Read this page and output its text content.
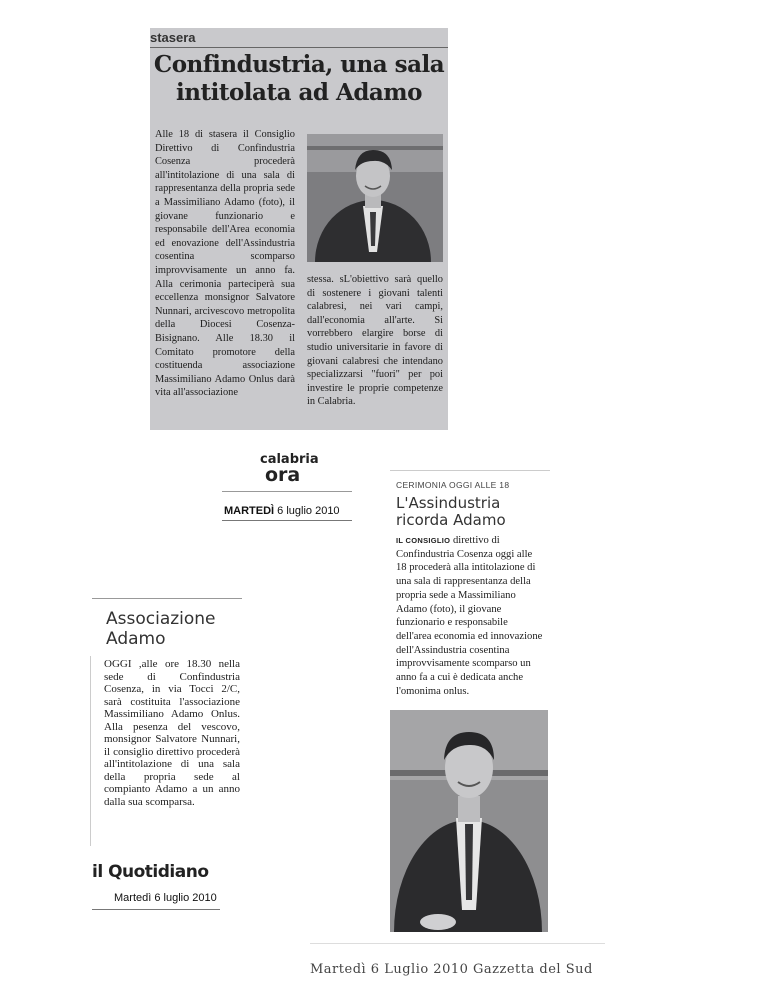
stasera
Confindustria, una sala
intitolata ad Adamo
Alle 18 di stasera il Consiglio Direttivo di Confindustria Cosenza procederà all'intitolazione di una sala di rappresentanza della propria sede a Massimiliano Adamo (foto), il giovane funzionario e responsabile dell'Area economia ed enovazione dell'Assindustria cosentina scomparso improvvisamente un anno fa. Alla cerimonia parteciperà sua eccellenza monsignor Salvatore Nunnari, arcivescovo metropolita della Diocesi Cosenza-Bisignano. Alle 18.30 il Comitato promotore della costituenda associazione Massimiliano Adamo Onlus darà vita all'associazione
stessa. sL'obiettivo sarà quello di sostenere i giovani talenti calabresi, nei vari campi, dall'economia all'arte. Si vorrebbero elargire borse di studio universitarie in favore di giovani calabresi che intendano specializzarsi "fuori" per poi investire le proprie competenze in Calabria.
calabria
ora
MARTEDÌ 6 luglio 2010
CERIMONIA OGGI ALLE 18
L'Assindustria
ricorda Adamo
IL CONSIGLIO direttivo di Confindustria Cosenza oggi alle 18 procederà alla intitolazione di una sala di rappresentanza della propria sede a Massimiliano Adamo (foto), il giovane funzionario e responsabile dell'area economia ed innovazione dell'Assindustria cosentina improvvisamente scomparso un anno fa a cui è dedicata anche l'omonima onlus.
Associazione
Adamo
OGGI ,alle ore 18.30 nella sede di Confindustria Cosenza, in via Tocci 2/C, sarà costituita l'associazione Massimiliano Adamo Onlus. Alla pesenza del vescovo, monsignor Salvatore Nunnari, il consiglio direttivo procederà all'intitolazione di una sala della propria sede al compianto Adamo a un anno dalla sua scomparsa.
il Quotidiano
Martedì 6 luglio 2010
Martedì 6 Luglio 2010 Gazzetta del Sud
